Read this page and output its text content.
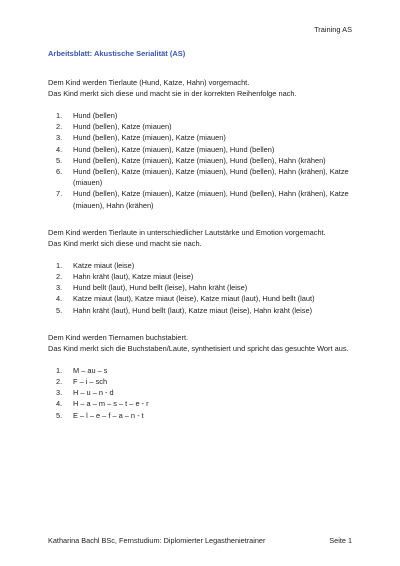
Training AS
Arbeitsblatt: Akustische Serialität (AS)

Dem Kind werden Tierlaute (Hund, Katze, Hahn) vorgemacht.

Das Kind merkt sich diese und macht sie in der korrekten Reihenfolge nach.

1. Hund (bellen)
2. Hund (bellen), Katze (miauen)
3. Hund (bellen), Katze (miauen), Katze (miauen)
4. Hund (bellen), Katze (miauen), Katze (miauen), Hund (bellen)
5. Hund (bellen), Katze (miauen), Katze (miauen), Hund (bellen), Hahn (krähen)
6. Hund (bellen), Katze (miauen), Katze (miauen), Hund (bellen), Hahn (krähen), Katze (miauen)
7. Hund (bellen), Katze (miauen), Katze (miauen), Hund (bellen), Hahn (krähen), Katze (miauen), Hahn (krähen)

Dem Kind werden Tierlaute in unterschiedlicher Lautstärke und Emotion vorgemacht.

Das Kind merkt sich diese und macht sie nach.

1. Katze miaut (leise)
2. Hahn kräht (laut), Katze miaut (leise)
3. Hund bellt (laut), Hund bellt (leise), Hahn kräht (leise)
4. Katze miaut (laut), Katze miaut (leise), Katze miaut (laut), Hund bellt (laut)
5. Hahn kräht (laut), Hund bellt (laut), Katze miaut (leise), Hahn kräht (leise)

Dem Kind werden Tiernamen buchstabiert.

Das Kind merkt sich die Buchstaben/Laute, synthetisiert und spricht das gesuchte Wort aus.

1. M – au – s
2. F – i – sch
3. H – u – n - d
4. H – a – m – s – t – e - r
5. E – l – e – f – a – n - t
Katharina Bachl BSc, Fernstudium: Diplomierter Legasthenietrainer	Seite 1
